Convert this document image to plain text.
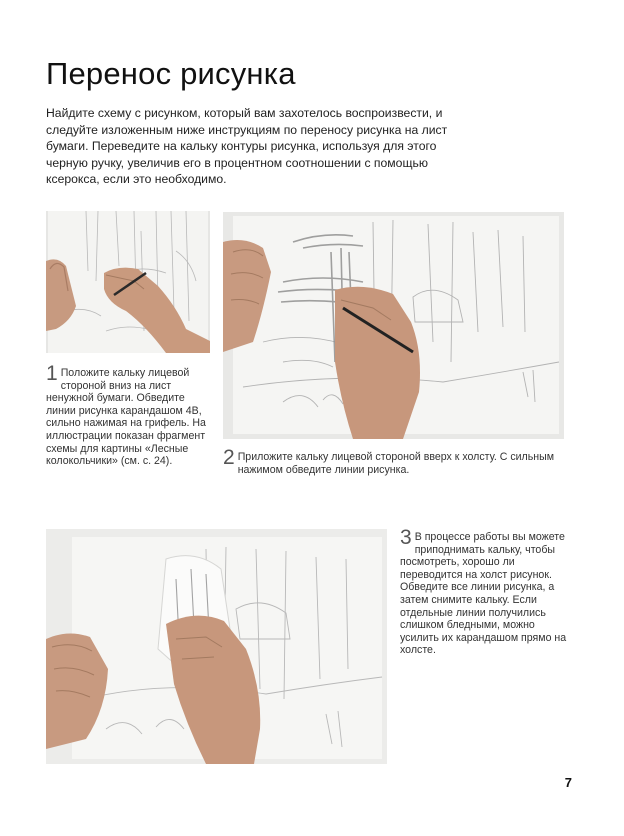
Перенос рисунка

Найдите схему с рисунком, который вам захотелось воспроизвести, и следуйте изложенным ниже инструкциям по переносу рисунка на лист бумаги. Переведите на кальку контуры рисунка, используя для этого черную ручку, увеличив его в процентном соотношении с помощью ксерокса, если это необходимо.

1 Положите кальку лицевой стороной вниз на лист ненужной бумаги. Обведите линии рисунка карандашом 4В, сильно нажимая на грифель. На иллюстрации показан фрагмент схемы для картины «Лесные колокольчики» (см. с. 24).	2 Приложите кальку лицевой стороной вверх к холсту. С сильным нажимом обведите линии рисунка.
3 В процессе работы вы можете приподнимать кальку, чтобы посмотреть, хорошо ли переводится на холст рисунок. Обведите все линии рисунка, а затем снимите кальку. Если отдельные линии получились слишком бледными, можно усилить их карандашом прямо на холсте.
7
